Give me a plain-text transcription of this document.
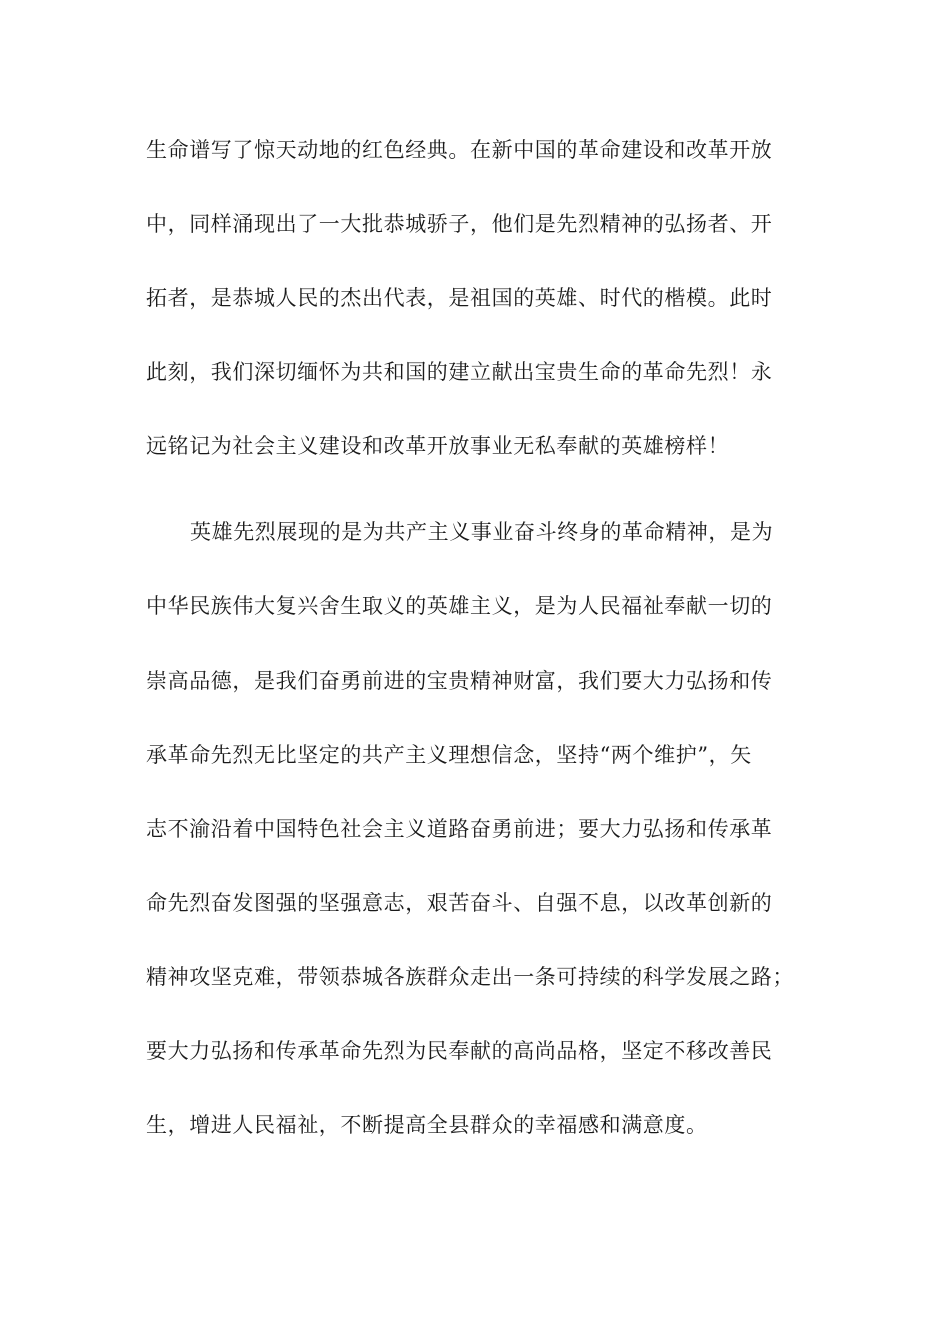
生命谱写了惊天动地的红色经典。在新中国的革命建设和改革开放
中，同样涌现出了一大批恭城骄子，他们是先烈精神的弘扬者、开
拓者，是恭城人民的杰出代表，是祖国的英雄、时代的楷模。此时
此刻，我们深切缅怀为共和国的建立献出宝贵生命的革命先烈！永
远铭记为社会主义建设和改革开放事业无私奉献的英雄榜样！
英雄先烈展现的是为共产主义事业奋斗终身的革命精神，是为
中华民族伟大复兴舍生取义的英雄主义，是为人民福祉奉献一切的
崇高品德，是我们奋勇前进的宝贵精神财富，我们要大力弘扬和传
承革命先烈无比坚定的共产主义理想信念，坚持“两个维护”，矢
志不渝沿着中国特色社会主义道路奋勇前进；要大力弘扬和传承革
命先烈奋发图强的坚强意志，艰苦奋斗、自强不息，以改革创新的
精神攻坚克难，带领恭城各族群众走出一条可持续的科学发展之路；
要大力弘扬和传承革命先烈为民奉献的高尚品格，坚定不移改善民
生，增进人民福祉，不断提高全县群众的幸福感和满意度。
